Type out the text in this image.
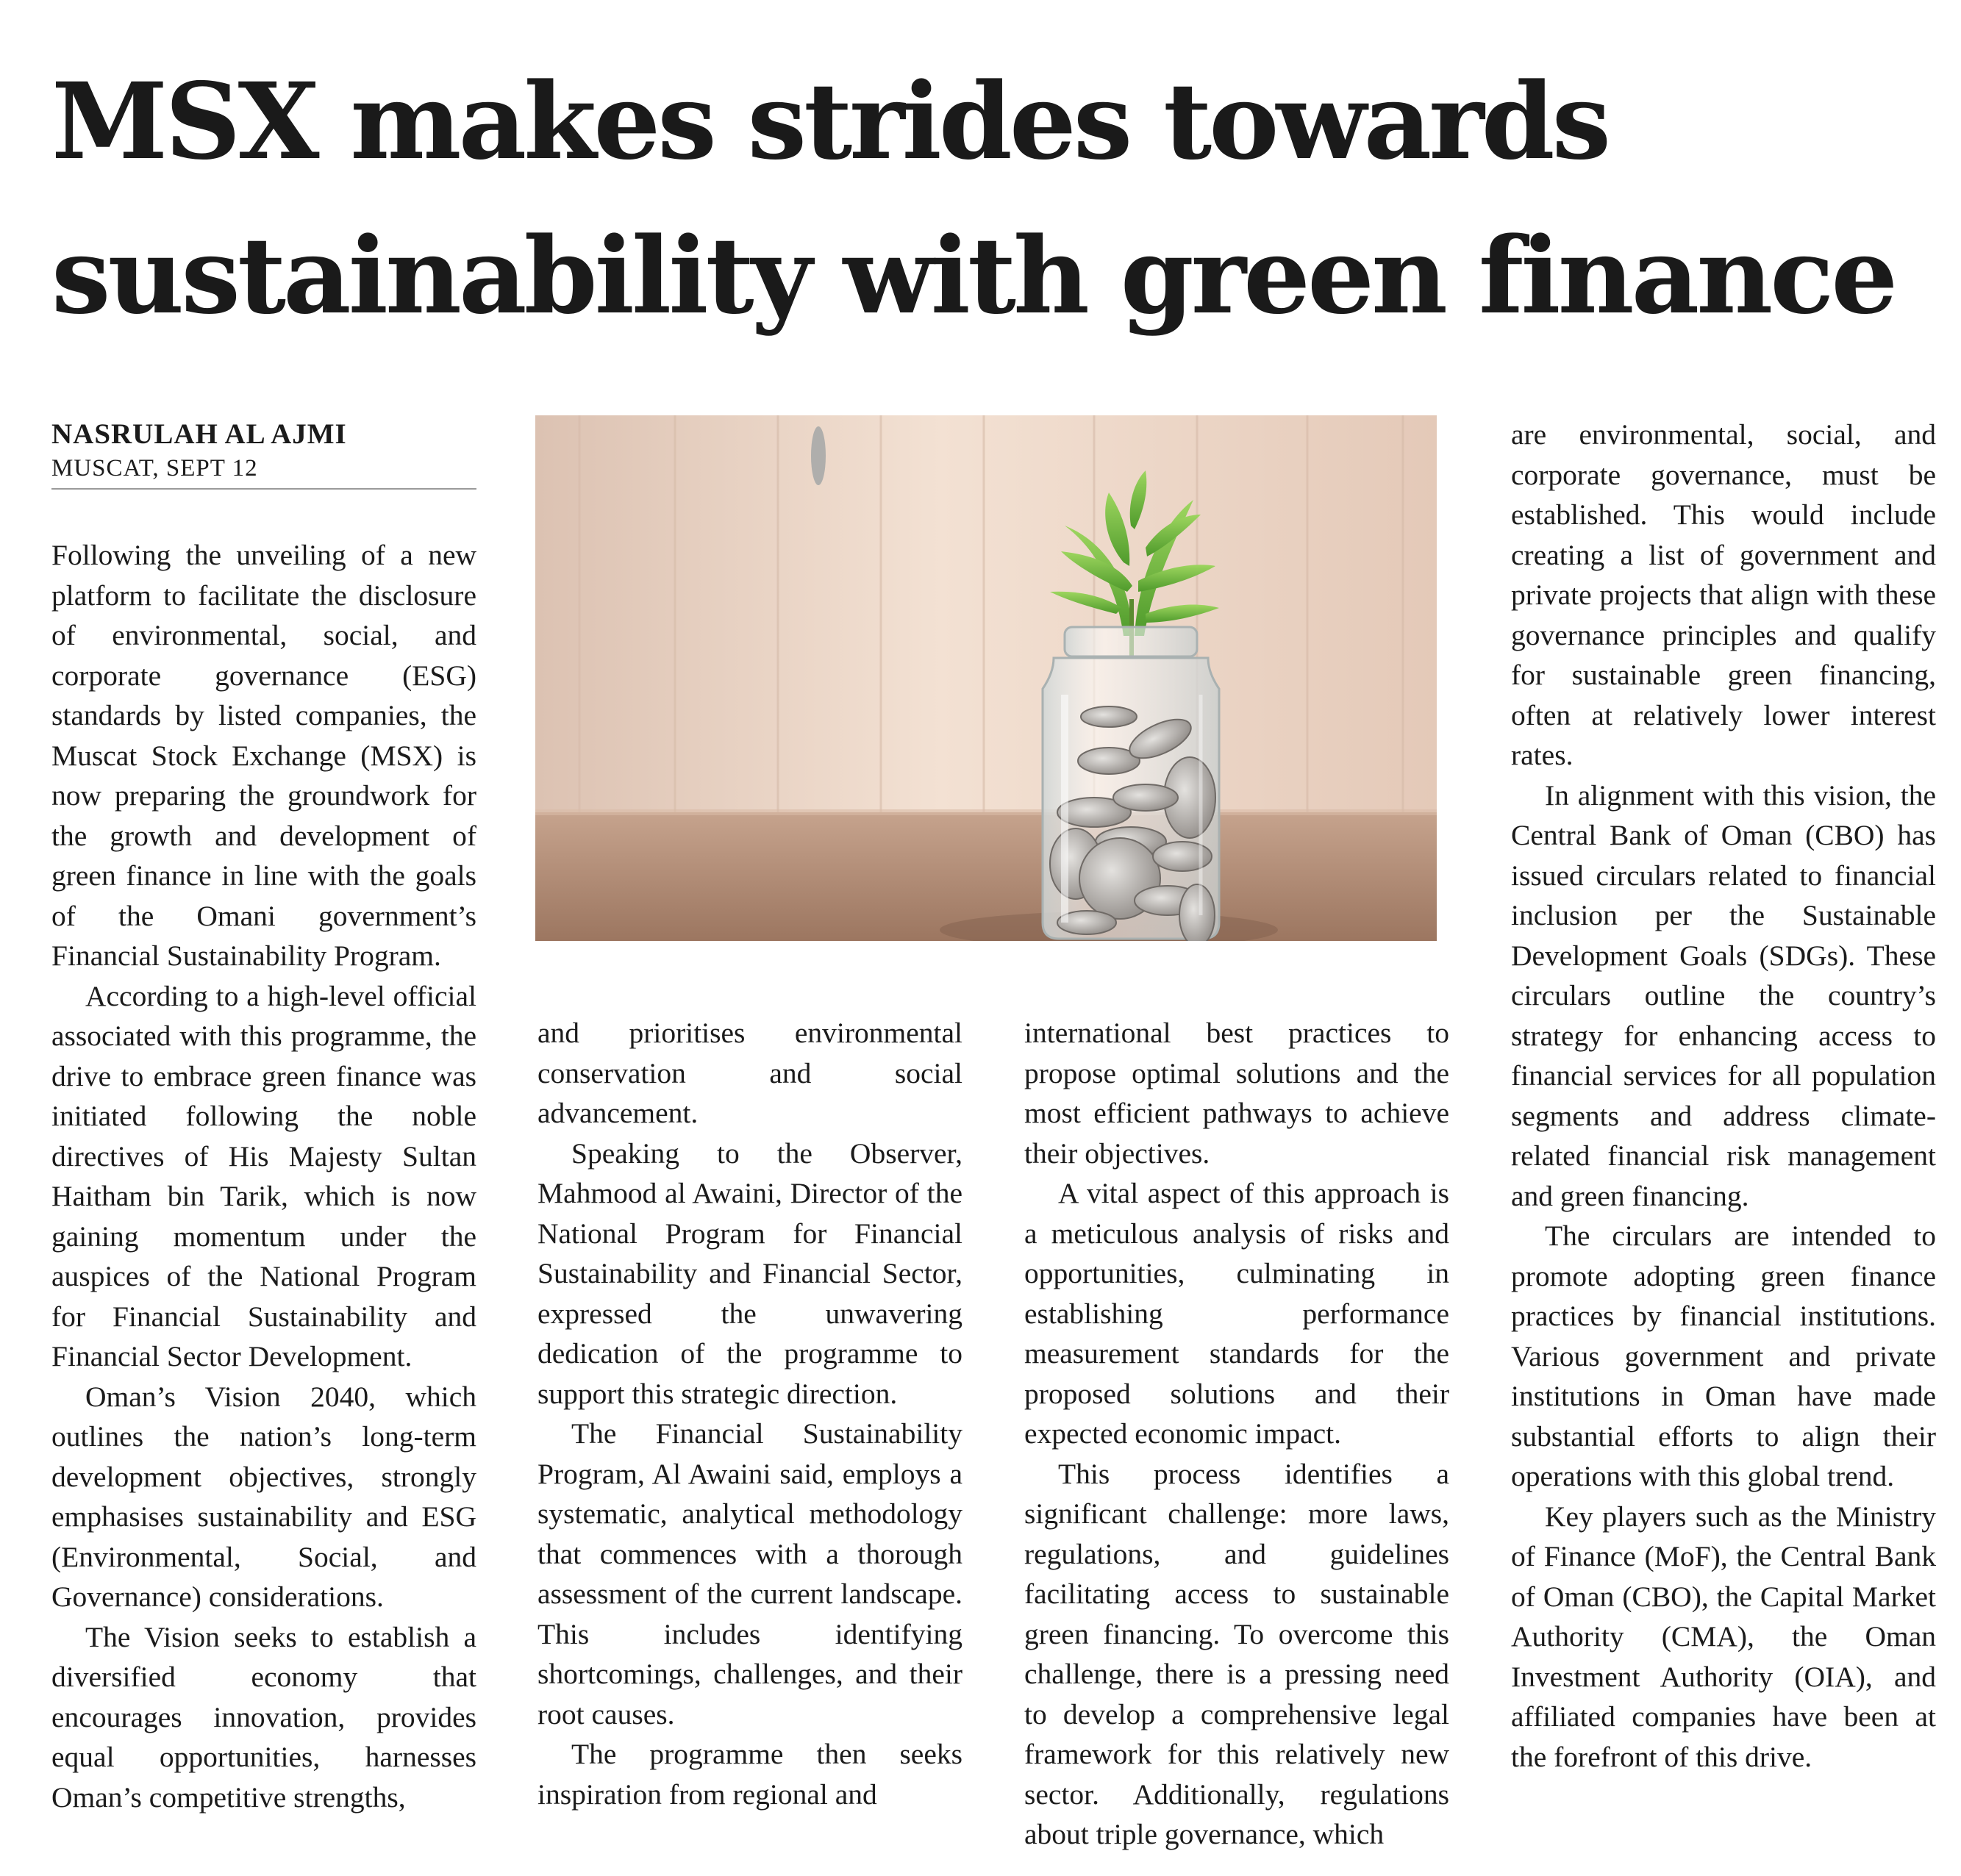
MSX makes strides towards
sustainability with green finance
NASRULAH AL AJMI
MUSCAT, SEPT 12

Following the unveiling of a new platform to facilitate the disclosure of environmental, social, and corporate governance (ESG) standards by listed companies, the Muscat Stock Exchange (MSX) is now preparing the groundwork for the growth and development of green finance in line with the goals of the Omani government’s Financial Sustainability Program.

According to a high-level official associated with this programme, the drive to embrace green finance was initiated following the noble directives of His Majesty Sultan Haitham bin Tarik, which is now gaining momentum under the auspices of the National Program for Financial Sustainability and Financial Sector Development.

Oman’s Vision 2040, which outlines the nation’s long-term development objectives, strongly emphasises sustainability and ESG (Environmental, Social, and Governance) considerations.

The Vision seeks to establish a diversified economy that encourages innovation, provides equal opportunities, harnesses Oman’s competitive strengths,

and prioritises environmental conservation and social advancement.

Speaking to the Observer, Mahmood al Awaini, Director of the National Program for Financial Sustainability and Financial Sector, expressed the unwavering dedication of the programme to support this strategic direction.

The Financial Sustainability Program, Al Awaini said, employs a systematic, analytical methodology that commences with a thorough assessment of the current landscape. This includes identifying shortcomings, challenges, and their root causes.

The programme then seeks inspiration from regional and

international best practices to propose optimal solutions and the most efficient pathways to achieve their objectives.

A vital aspect of this approach is a meticulous analysis of risks and opportunities, culminating in establishing performance measurement standards for the proposed solutions and their expected economic impact.

This process identifies a significant challenge: more laws, regulations, and guidelines facilitating access to sustainable green financing. To overcome this challenge, there is a pressing need to develop a comprehensive legal framework for this relatively new sector. Additionally, regulations about triple governance, which

are environmental, social, and corporate governance, must be established. This would include creating a list of government and private projects that align with these governance principles and qualify for sustainable green financing, often at relatively lower interest rates.

In alignment with this vision, the Central Bank of Oman (CBO) has issued circulars related to financial inclusion per the Sustainable Development Goals (SDGs). These circulars outline the country’s strategy for enhancing access to financial services for all population segments and address climate-related financial risk management and green financing.

The circulars are intended to promote adopting green finance practices by financial institutions. Various government and private institutions in Oman have made substantial efforts to align their operations with this global trend.

Key players such as the Ministry of Finance (MoF), the Central Bank of Oman (CBO), the Capital Market Authority (CMA), the Oman Investment Authority (OIA), and affiliated companies have been at the forefront of this drive.
